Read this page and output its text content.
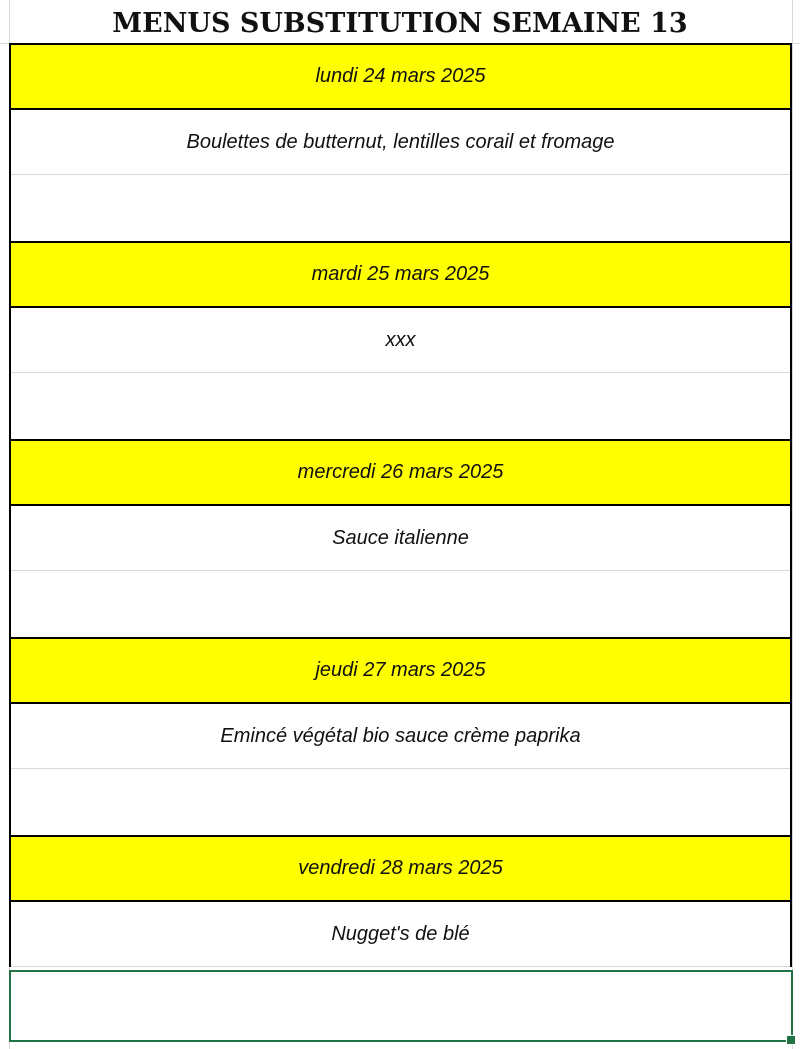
MENUS SUBSTITUTION SEMAINE 13
lundi 24 mars 2025
Boulettes de butternut, lentilles corail et fromage
mardi 25 mars 2025
xxx
mercredi 26 mars 2025
Sauce italienne
jeudi 27 mars 2025
Emincé végétal bio sauce crème paprika
vendredi 28 mars 2025
Nugget's de blé
